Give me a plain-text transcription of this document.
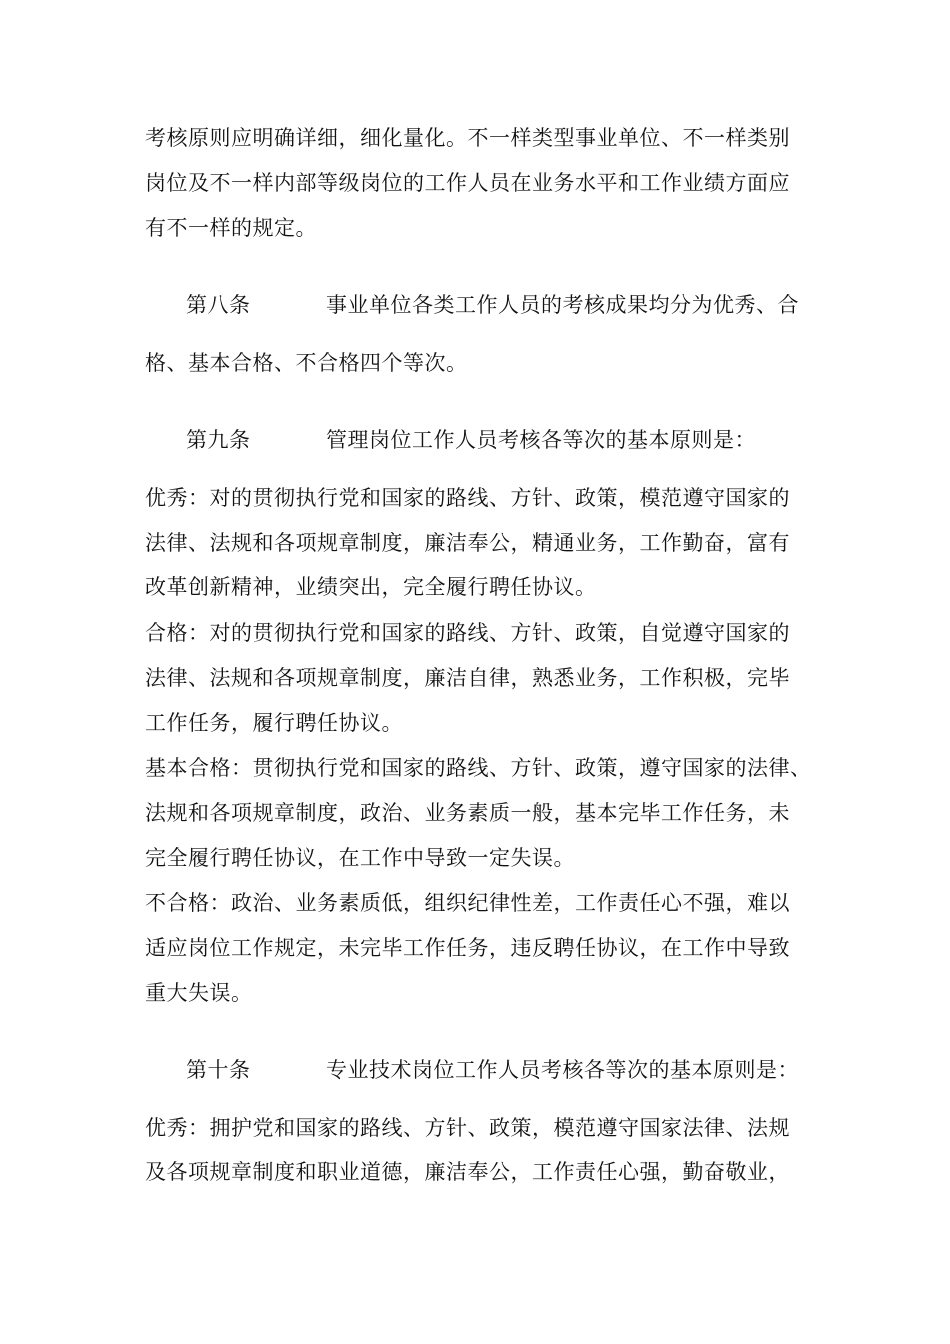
考核原则应明确详细，细化量化。不一样类型事业单位、不一样类别
岗位及不一样内部等级岗位的工作人员在业务水平和工作业绩方面应
有不一样的规定。
第八条	事业单位各类工作人员的考核成果均分为优秀、合
格、基本合格、不合格四个等次。
第九条	管理岗位工作人员考核各等次的基本原则是：
优秀：对的贯彻执行党和国家的路线、方针、政策，模范遵守国家的
法律、法规和各项规章制度，廉洁奉公，精通业务，工作勤奋，富有
改革创新精神，业绩突出，完全履行聘任协议。
合格：对的贯彻执行党和国家的路线、方针、政策，自觉遵守国家的
法律、法规和各项规章制度，廉洁自律，熟悉业务，工作积极，完毕
工作任务，履行聘任协议。
基本合格：贯彻执行党和国家的路线、方针、政策，遵守国家的法律、
法规和各项规章制度，政治、业务素质一般，基本完毕工作任务，未
完全履行聘任协议，在工作中导致一定失误。
不合格：政治、业务素质低，组织纪律性差，工作责任心不强，难以
适应岗位工作规定，未完毕工作任务，违反聘任协议，在工作中导致
重大失误。
第十条	专业技术岗位工作人员考核各等次的基本原则是：
优秀：拥护党和国家的路线、方针、政策，模范遵守国家法律、法规
及各项规章制度和职业道德，廉洁奉公，工作责任心强，勤奋敬业，
